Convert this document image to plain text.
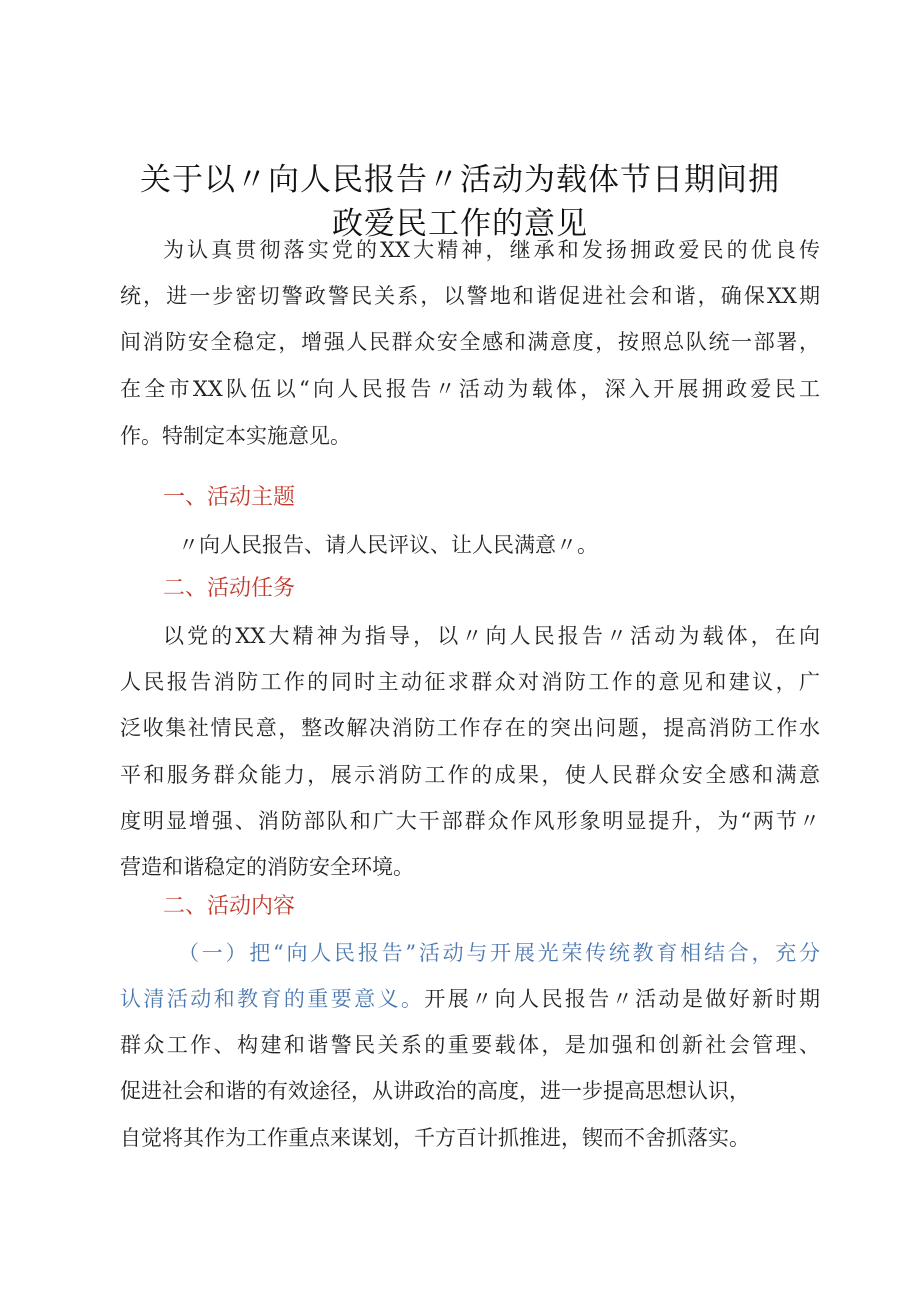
关于以〃向人民报告〃活动为载体节日期间拥
政爱民工作的意见
为认真贯彻落实党的XX大精神，继承和发扬拥政爱民的优良传
统，进一步密切警政警民关系，以警地和谐促进社会和谐，确保XX期
间消防安全稳定，增强人民群众安全感和满意度，按照总队统一部署，
在全市XX队伍以“向人民报告〃活动为载体，深入开展拥政爱民工
作。特制定本实施意见。
一、活动主题
〃向人民报告、请人民评议、让人民满意〃。
二、活动任务
以党的XX大精神为指导，以〃向人民报告〃活动为载体，在向
人民报告消防工作的同时主动征求群众对消防工作的意见和建议，广
泛收集社情民意，整改解决消防工作存在的突出问题，提高消防工作水
平和服务群众能力，展示消防工作的成果，使人民群众安全感和满意
度明显增强、消防部队和广大干部群众作风形象明显提升，为“两节〃
营造和谐稳定的消防安全环境。
二、活动内容
（一）把“向人民报告”活动与开展光荣传统教育相结合，充分
认清活动和教育的重要意义。开展〃向人民报告〃活动是做好新时期
群众工作、构建和谐警民关系的重要载体，是加强和创新社会管理、
促进社会和谐的有效途径，从讲政治的高度，进一步提高思想认识，
自觉将其作为工作重点来谋划，千方百计抓推进，锲而不舍抓落实。
